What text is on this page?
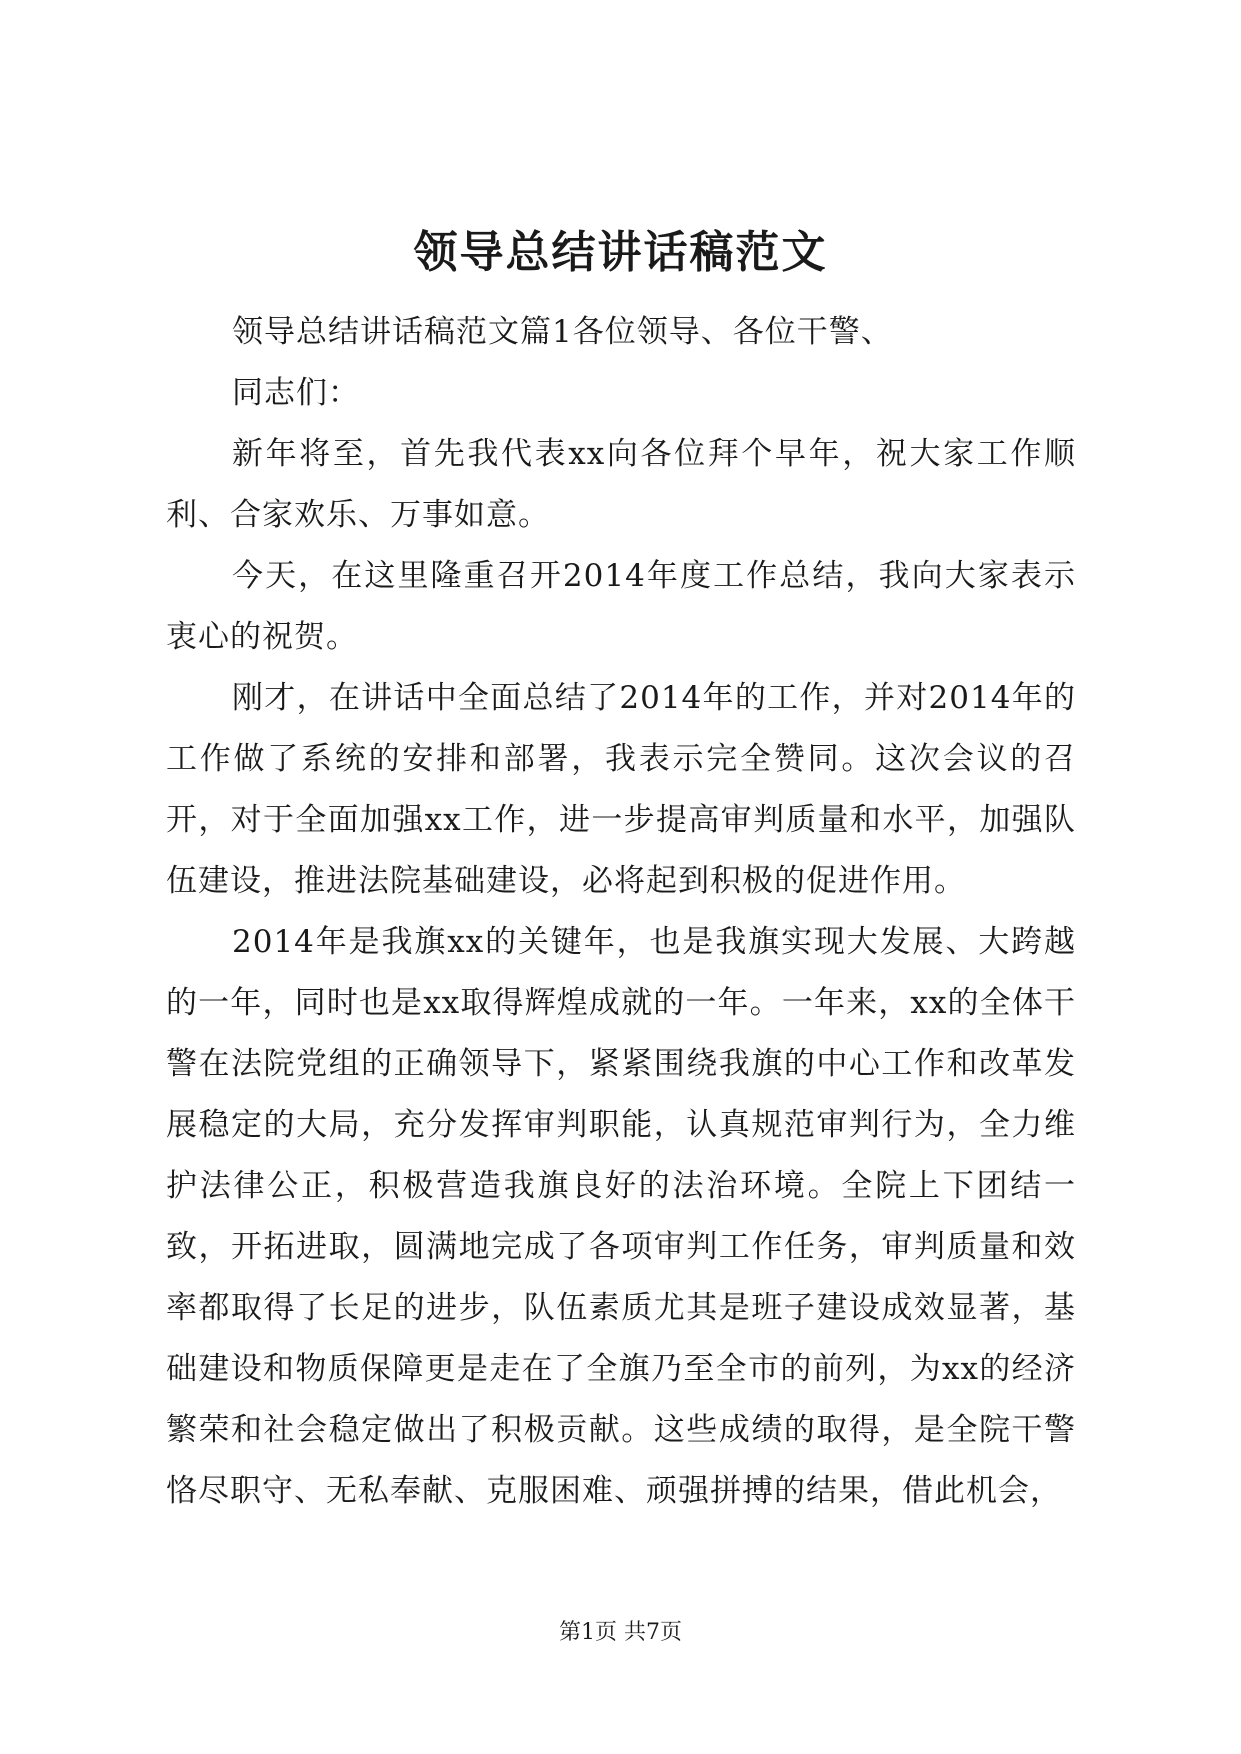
领导总结讲话稿范文

领导总结讲话稿范文篇1各位领导、各位干警、

同志们：

新年将至，首先我代表xx向各位拜个早年，祝大家工作顺利、合家欢乐、万事如意。

今天，在这里隆重召开2014年度工作总结，我向大家表示衷心的祝贺。

刚才，在讲话中全面总结了2014年的工作，并对2014年的工作做了系统的安排和部署，我表示完全赞同。这次会议的召开，对于全面加强xx工作，进一步提高审判质量和水平，加强队伍建设，推进法院基础建设，必将起到积极的促进作用。

2014年是我旗xx的关键年，也是我旗实现大发展、大跨越的一年，同时也是xx取得辉煌成就的一年。一年来，xx的全体干警在法院党组的正确领导下，紧紧围绕我旗的中心工作和改革发展稳定的大局，充分发挥审判职能，认真规范审判行为，全力维护法律公正，积极营造我旗良好的法治环境。全院上下团结一致，开拓进取，圆满地完成了各项审判工作任务，审判质量和效率都取得了长足的进步，队伍素质尤其是班子建设成效显著，基础建设和物质保障更是走在了全旗乃至全市的前列，为xx的经济繁荣和社会稳定做出了积极贡献。这些成绩的取得，是全院干警恪尽职守、无私奉献、克服困难、顽强拼搏的结果，借此机会，

第1页 共7页
